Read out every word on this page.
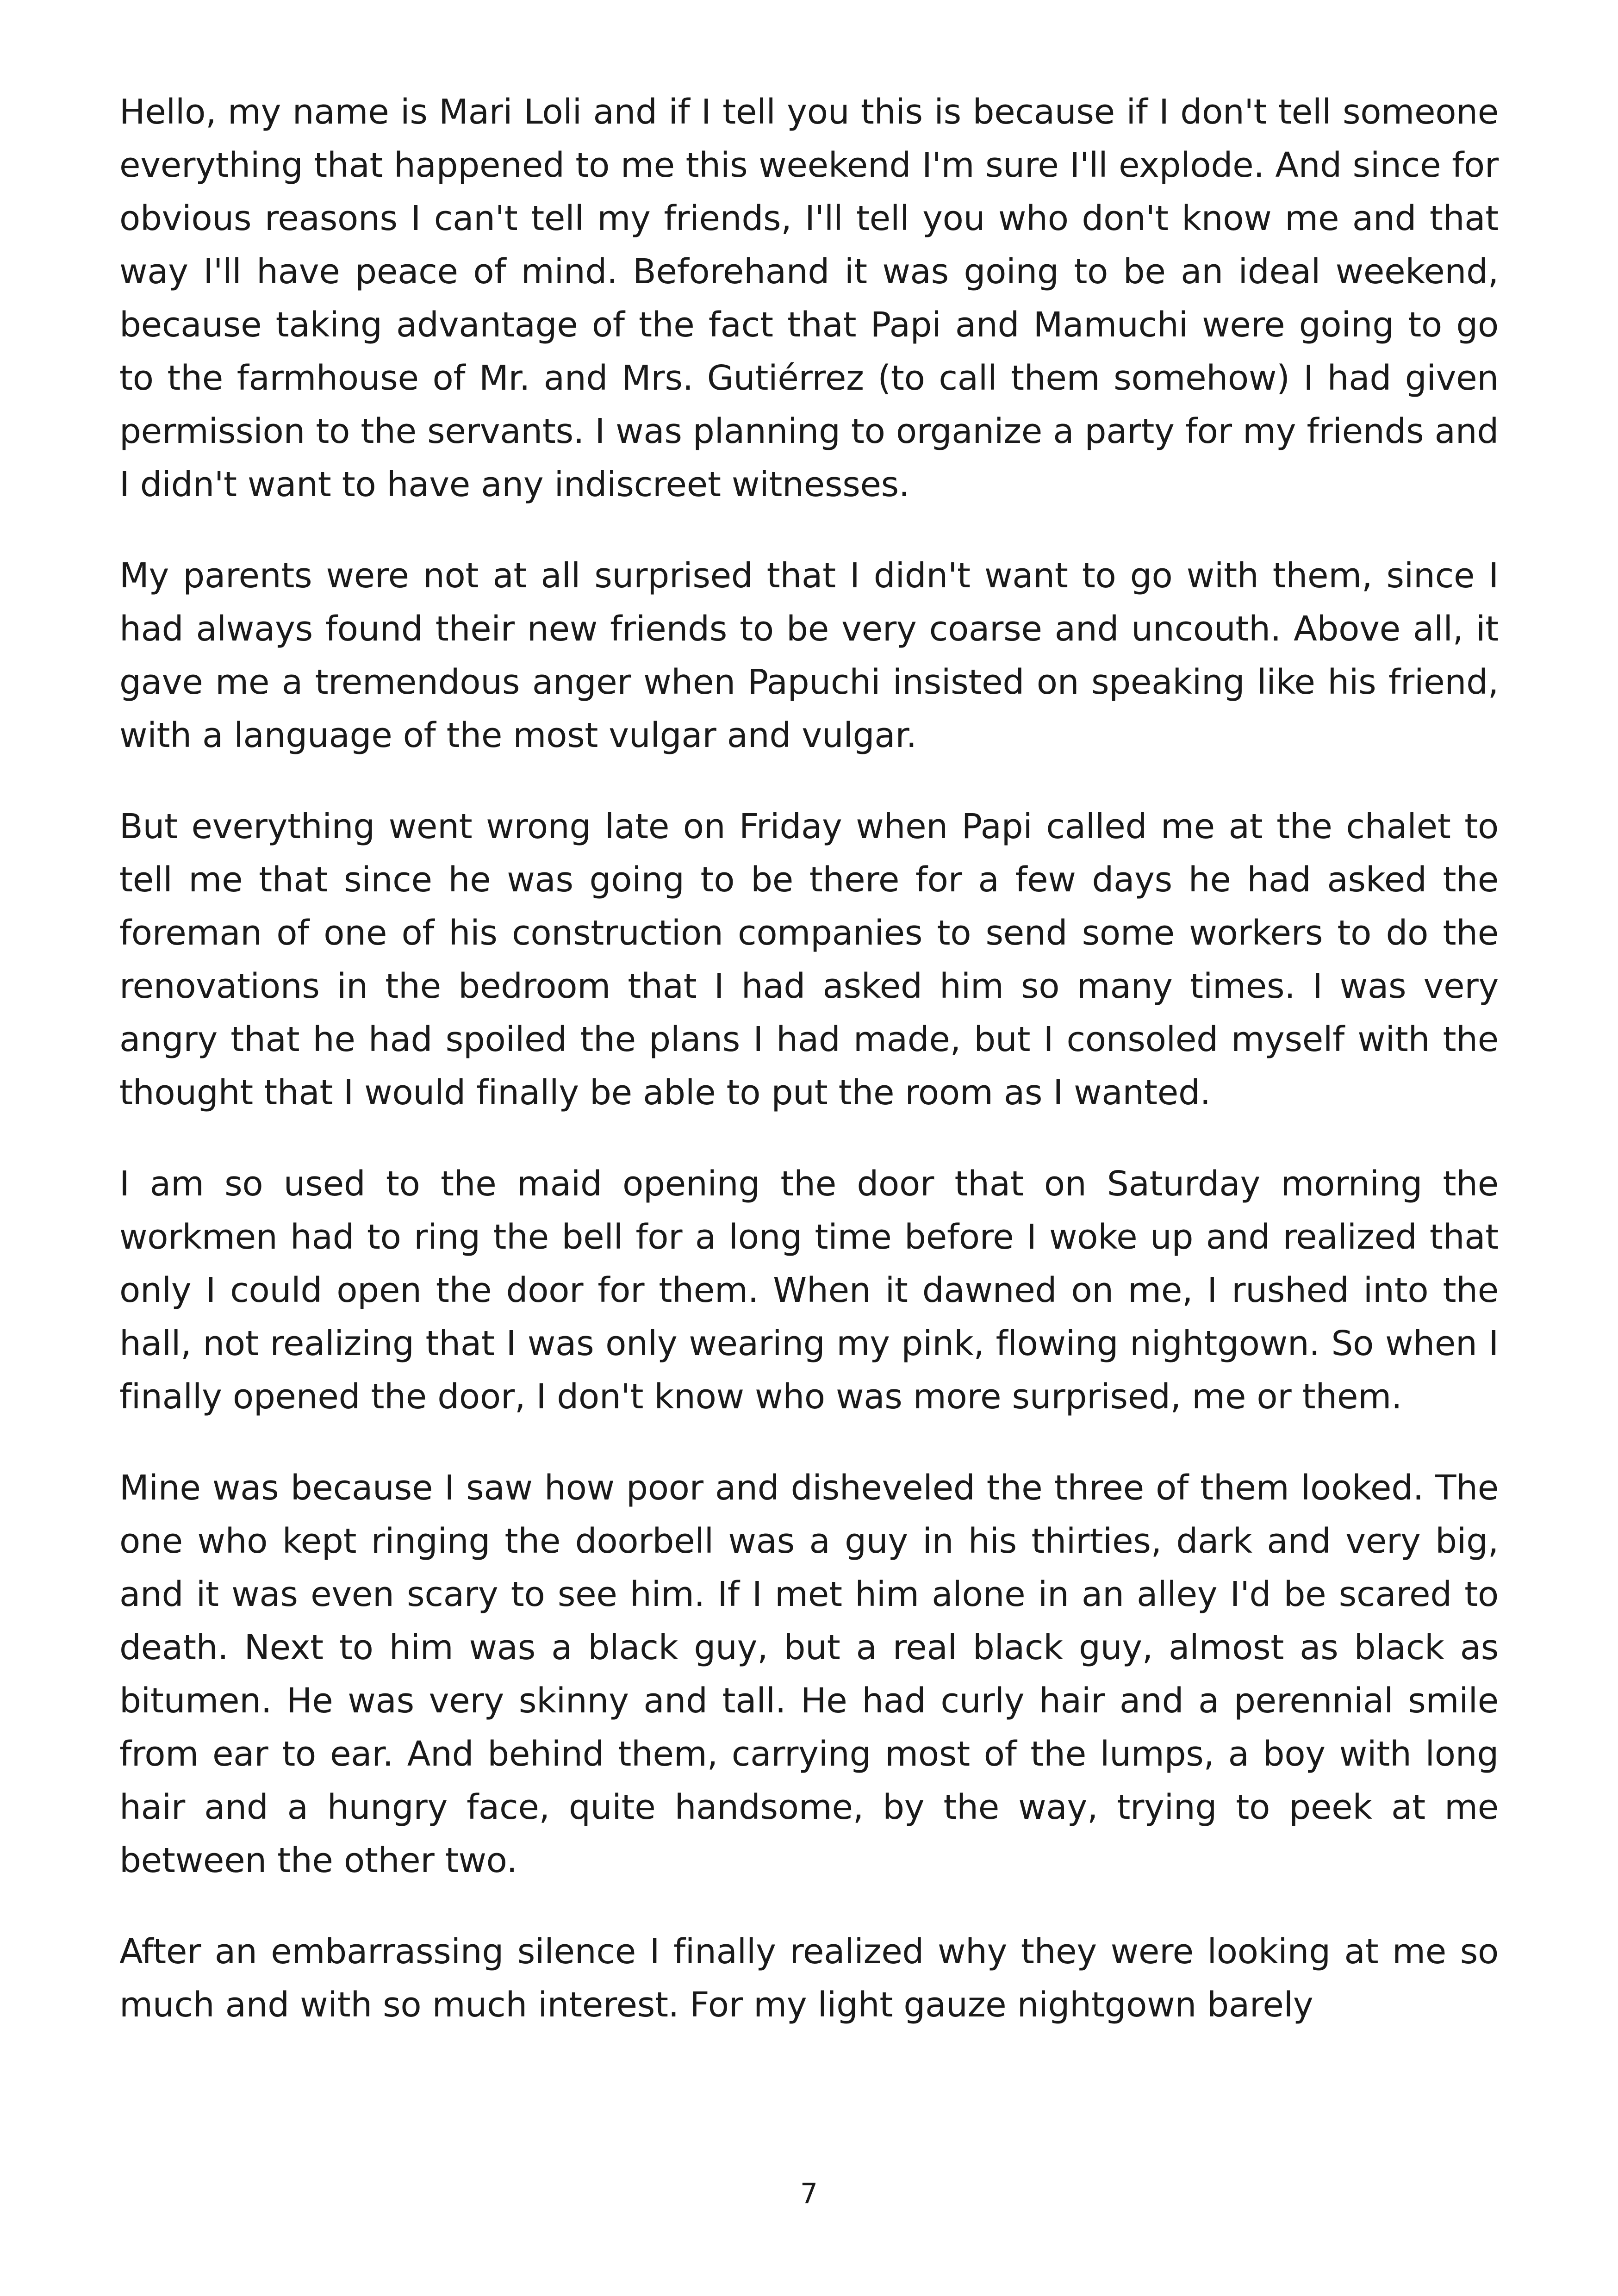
Hello, my name is Mari Loli and if I tell you this is because if I don't tell someone everything that happened to me this weekend I'm sure I'll explode. And since for obvious reasons I can't tell my friends, I'll tell you who don't know me and that way I'll have peace of mind. Beforehand it was going to be an ideal weekend, because taking advantage of the fact that Papi and Mamuchi were going to go to the farmhouse of Mr. and Mrs. Gutiérrez (to call them somehow) I had given permission to the servants. I was planning to organize a party for my friends and I didn't want to have any indiscreet witnesses.

My parents were not at all surprised that I didn't want to go with them, since I had always found their new friends to be very coarse and uncouth. Above all, it gave me a tremendous anger when Papuchi insisted on speaking like his friend, with a language of the most vulgar and vulgar.

But everything went wrong late on Friday when Papi called me at the chalet to tell me that since he was going to be there for a few days he had asked the foreman of one of his construction companies to send some workers to do the renovations in the bedroom that I had asked him so many times. I was very angry that he had spoiled the plans I had made, but I consoled myself with the thought that I would finally be able to put the room as I wanted.

I am so used to the maid opening the door that on Saturday morning the workmen had to ring the bell for a long time before I woke up and realized that only I could open the door for them. When it dawned on me, I rushed into the hall, not realizing that I was only wearing my pink, flowing nightgown. So when I finally opened the door, I don't know who was more surprised, me or them.

Mine was because I saw how poor and disheveled the three of them looked. The one who kept ringing the doorbell was a guy in his thirties, dark and very big, and it was even scary to see him. If I met him alone in an alley I'd be scared to death. Next to him was a black guy, but a real black guy, almost as black as bitumen. He was very skinny and tall. He had curly hair and a perennial smile from ear to ear. And behind them, carrying most of the lumps, a boy with long hair and a hungry face, quite handsome, by the way, trying to peek at me between the other two.

After an embarrassing silence I finally realized why they were looking at me so much and with so much interest. For my light gauze nightgown barely

7
